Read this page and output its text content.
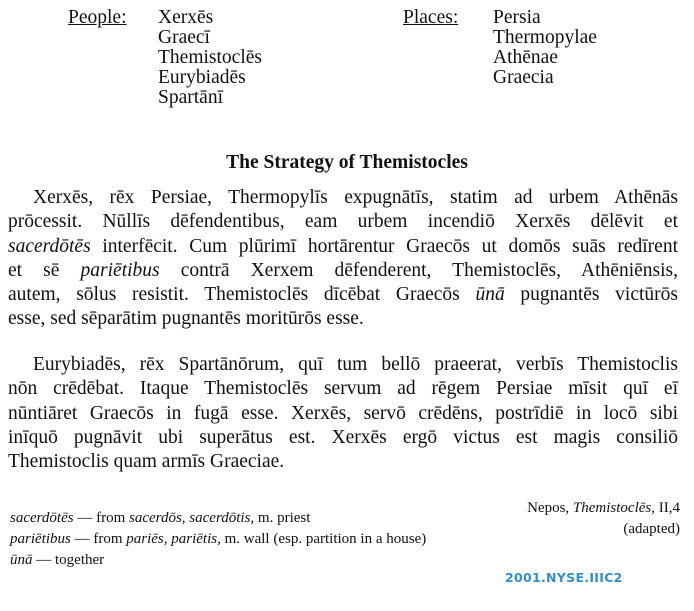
People: Xerxēs
Graecī
Themistoclēs
Eurybiadēs
Spartānī
Places: Persia
Thermopylae
Athēnae
Graecia
The Strategy of Themistocles
Xerxēs, rēx Persiae, Thermopylīs expugnātīs, statim ad urbem Athēnās
prōcessit. Nūllīs dēfendentibus, eam urbem incendiō Xerxēs dēlēvit et
sacerdōtēs interfēcit. Cum plūrimī hortārentur Graecōs ut domōs suās redīrent
et sē pariētibus contrā Xerxem dēfenderent, Themistoclēs, Athēniēnsis,
autem, sōlus resistit. Themistoclēs dīcēbat Graecōs ūnā pugnantēs victūrōs
esse, sed sēparātim pugnantēs moritūrōs esse.
Eurybiadēs, rēx Spartānōrum, quī tum bellō praeerat, verbīs Themistoclis
nōn crēdēbat. Itaque Themistoclēs servum ad rēgem Persiae mīsit quī eī
nūntiāret Graecōs in fugā esse. Xerxēs, servō crēdēns, postrīdiē in locō sibi
inīquō pugnāvit ubi superātus est. Xerxēs ergō victus est magis consiliō
Themistoclis quam armīs Graeciae.
sacerdōtēs — from sacerdōs, sacerdōtis, m. priest
pariētibus — from pariēs, pariētis, m. wall (esp. partition in a house)
ūnā — together
Nepos, Themistoclēs, II,4
(adapted)
2001.NYSE.IIIC2
